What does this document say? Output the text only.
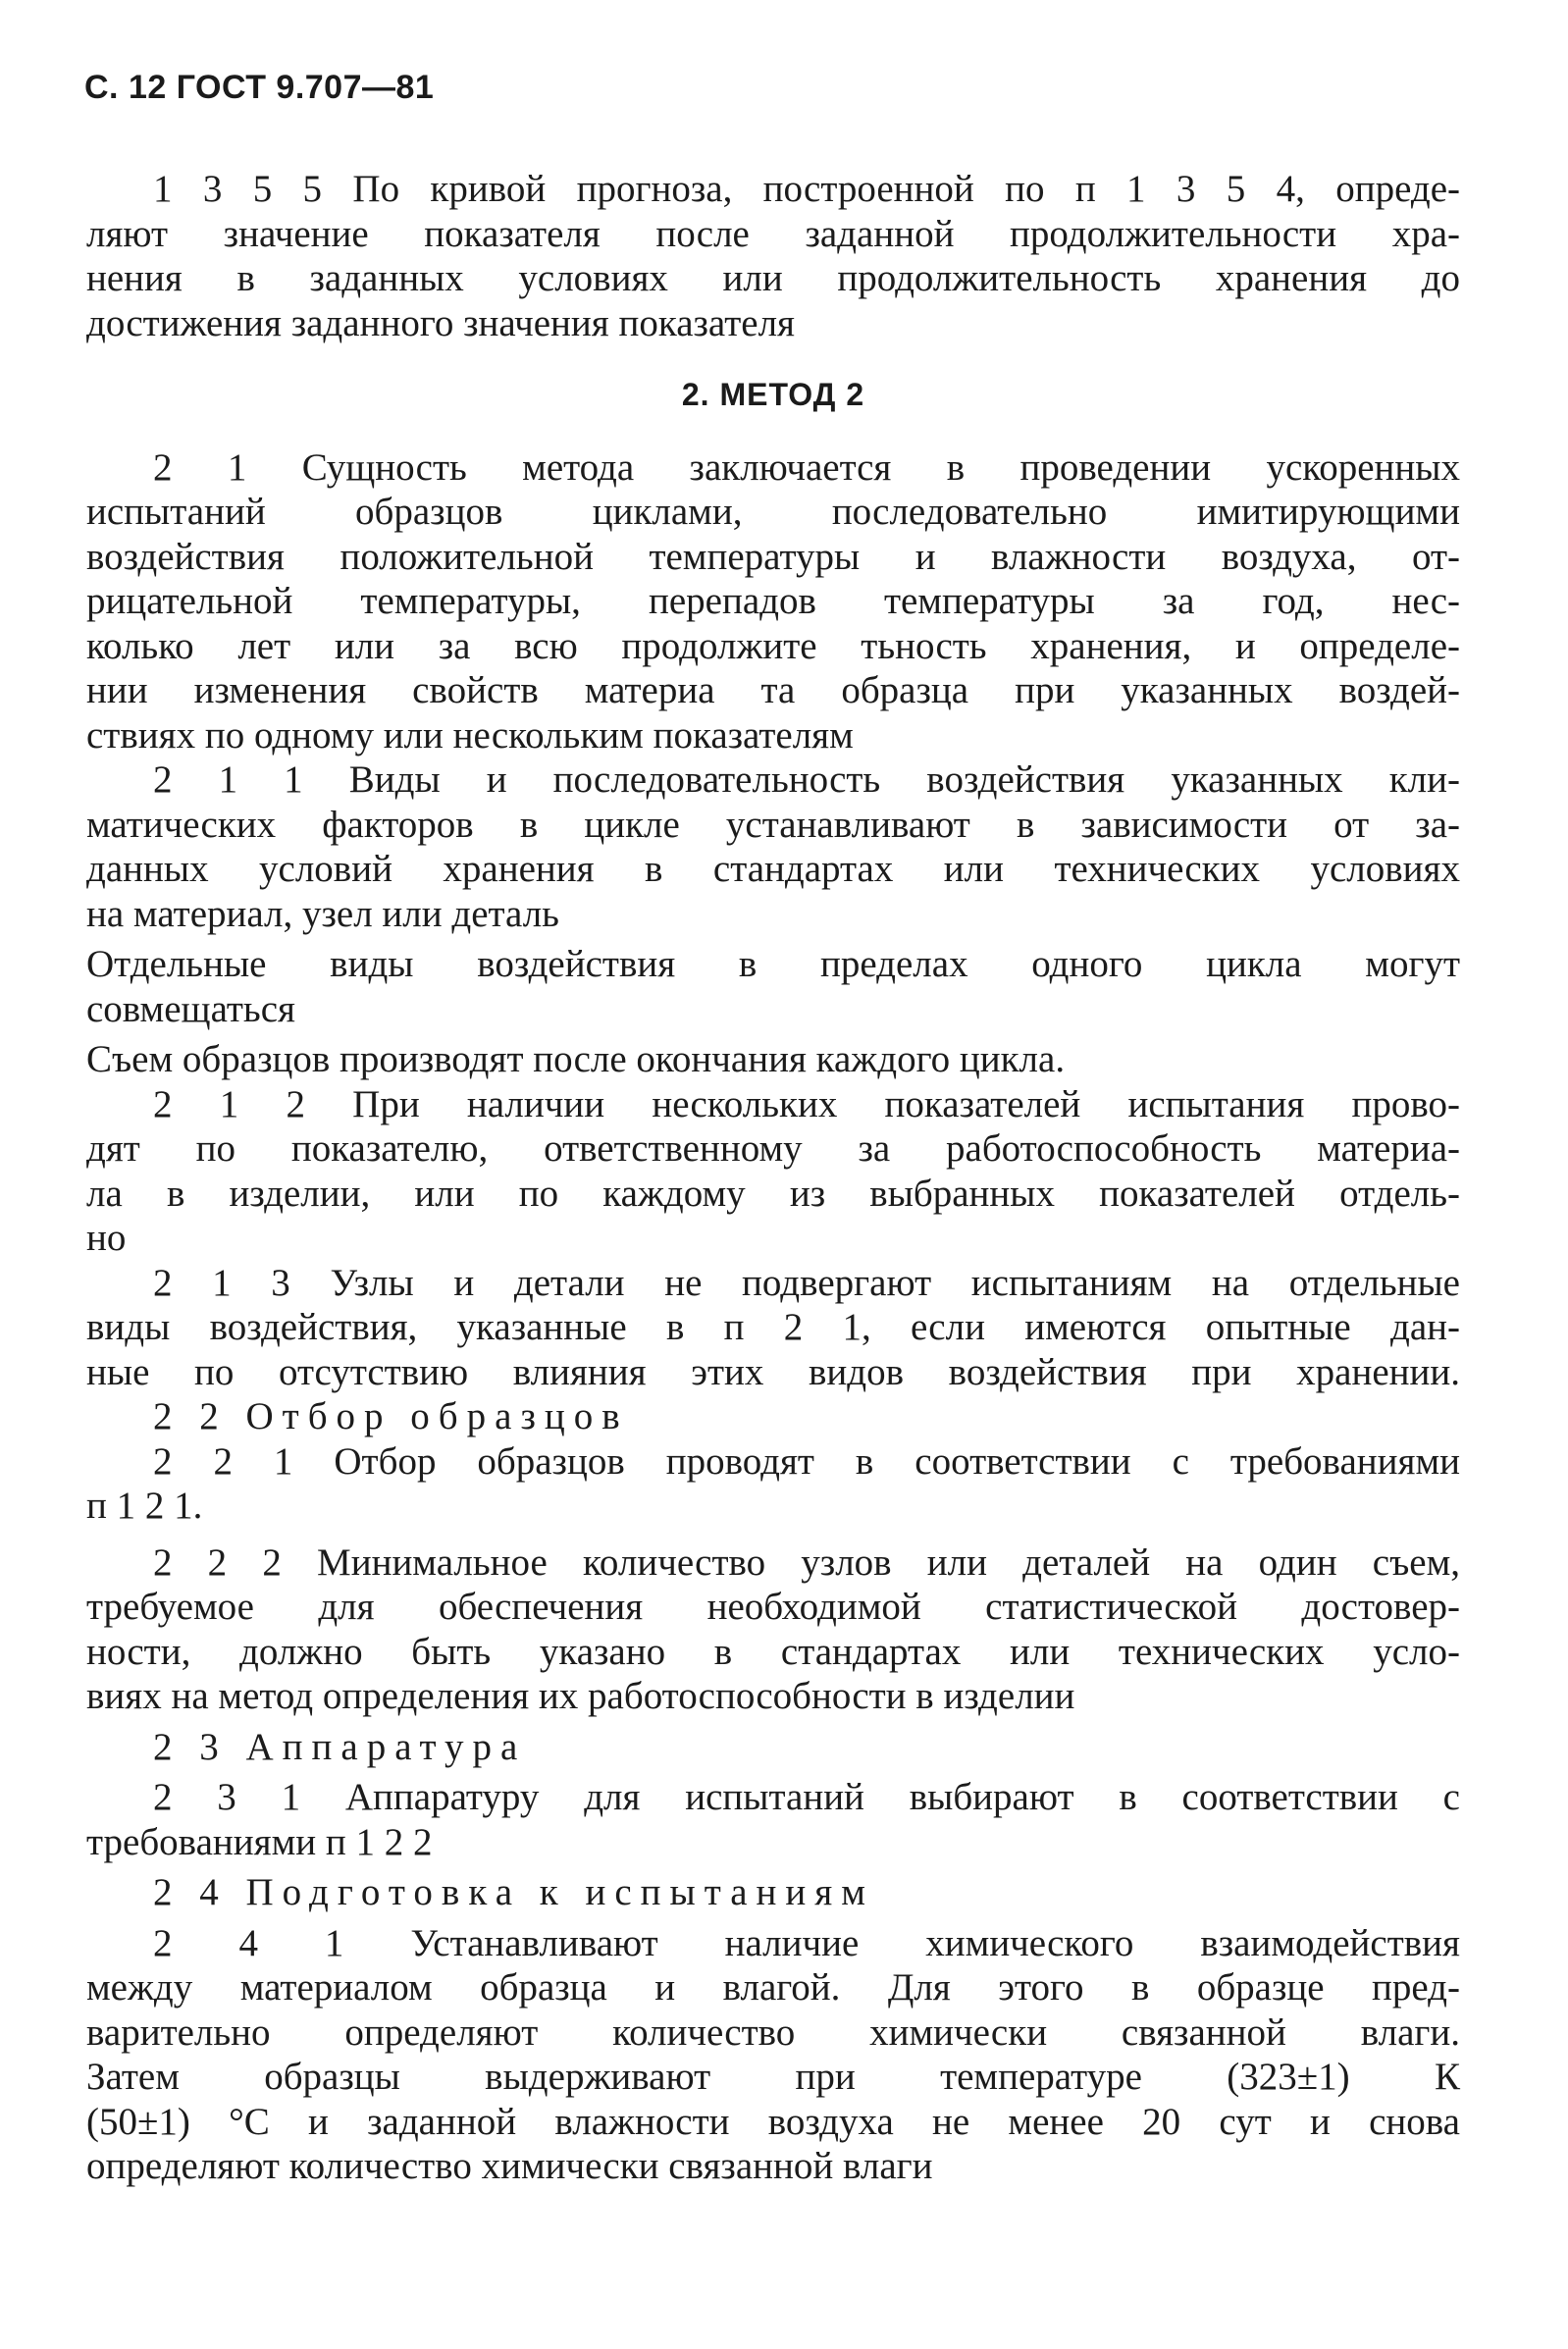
С. 12 ГОСТ 9.707—81
1 3 5 5 По кривой прогноза, построенной по п 1 3 5 4, опреде-
ляют значение показателя после заданной продолжительности хра-
нения в заданных условиях или продолжительность хранения до
достижения заданного значения показателя
2. МЕТОД 2
2 1 Сущность метода заключается в проведении ускоренных
испытаний образцов циклами, последовательно имитирующими
воздействия положительной температуры и влажности воздуха, от-
рицательной температуры, перепадов температуры за год, нес-
колько лет или за всю продолжите тьность хранения, и определе-
нии изменения свойств материа та образца при указанных воздей-
ствиях по одному или нескольким показателям
2 1 1 Виды и последовательность воздействия указанных кли-
матических факторов в цикле устанавливают в зависимости от за-
данных условий хранения в стандартах или технических условиях
на материал, узел или деталь
Отдельные виды воздействия в пределах одного цикла могут
совмещаться
Съем образцов производят после окончания каждого цикла.
2 1 2 При наличии нескольких показателей испытания прово-
дят по показателю, ответственному за работоспособность материа-
ла в изделии, или по каждому из выбранных показателей отдель-
но
2 1 3 Узлы и детали не подвергают испытаниям на отдельные
виды воздействия, указанные в п 2 1, если имеются опытные дан-
ные по отсутствию влияния этих видов воздействия при хранении.
2 2 Отбор образцов
2 2 1 Отбор образцов проводят в соответствии с требованиями
п 1 2 1.
2 2 2 Минимальное количество узлов или деталей на один съем,
требуемое для обеспечения необходимой статистической достовер-
ности, должно быть указано в стандартах или технических усло-
виях на метод определения их работоспособности в изделии
2 3 Аппаратура
2 3 1 Аппаратуру для испытаний выбирают в соответствии с
требованиями п 1 2 2
2 4 Подготовка к испытаниям
2 4 1 Устанавливают наличие химического взаимодействия
между материалом образца и влагой. Для этого в образце пред-
варительно определяют количество химически связанной влаги.
Затем образцы выдерживают при температуре (323±1) К
(50±1) °С и заданной влажности воздуха не менее 20 сут и снова
определяют количество химически связанной влаги
